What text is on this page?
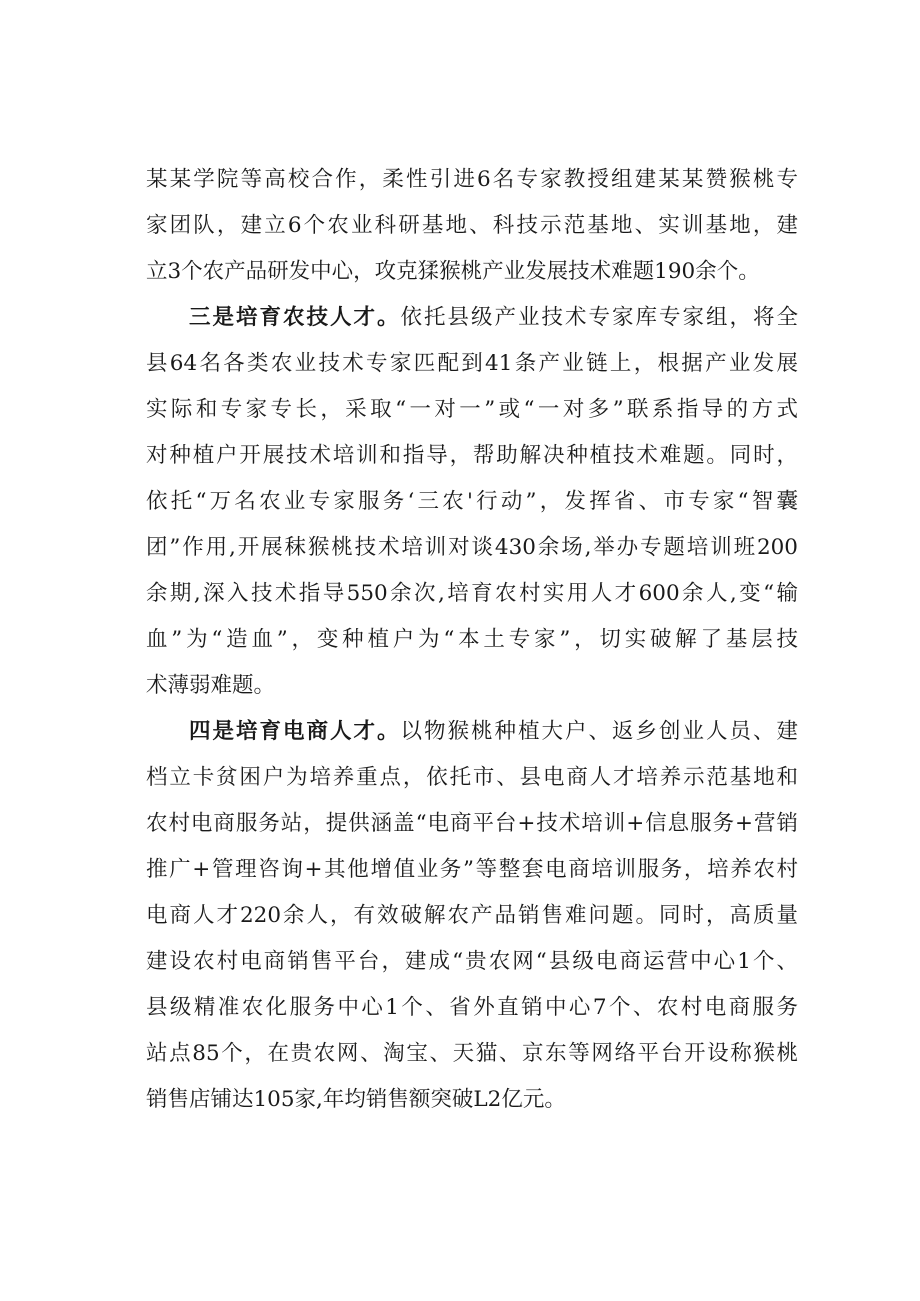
某某学院等高校合作，柔性引进6名专家教授组建某某赞猴桃专
家团队，建立6个农业科研基地、科技示范基地、实训基地，建
立3个农产品研发中心，攻克猱猴桃产业发展技术难题190余个。
三是培育农技人才。依托县级产业技术专家库专家组，将全
县64名各类农业技术专家匹配到41条产业链上，根据产业发展
实际和专家专长，采取“一对一”或“一对多”联系指导的方式
对种植户开展技术培训和指导，帮助解决种植技术难题。同时，
依托“万名农业专家服务‘三农'行动”，发挥省、市专家“智囊
团”作用,开展秣猴桃技术培训对谈430余场,举办专题培训班200
余期,深入技术指导550余次,培育农村实用人才600余人,变“输
血”为“造血”，变种植户为“本土专家”，切实破解了基层技
术薄弱难题。
四是培育电商人才。以物猴桃种植大户、返乡创业人员、建
档立卡贫困户为培养重点，依托市、县电商人才培养示范基地和
农村电商服务站，提供涵盖“电商平台+技术培训+信息服务+营销
推广+管理咨询+其他增值业务”等整套电商培训服务，培养农村
电商人才220余人，有效破解农产品销售难问题。同时，高质量
建设农村电商销售平台，建成“贵农网“县级电商运营中心1个、
县级精准农化服务中心1个、省外直销中心7个、农村电商服务
站点85个，在贵农网、淘宝、天猫、京东等网络平台开设称猴桃
销售店铺达105家,年均销售额突破L2亿元。
